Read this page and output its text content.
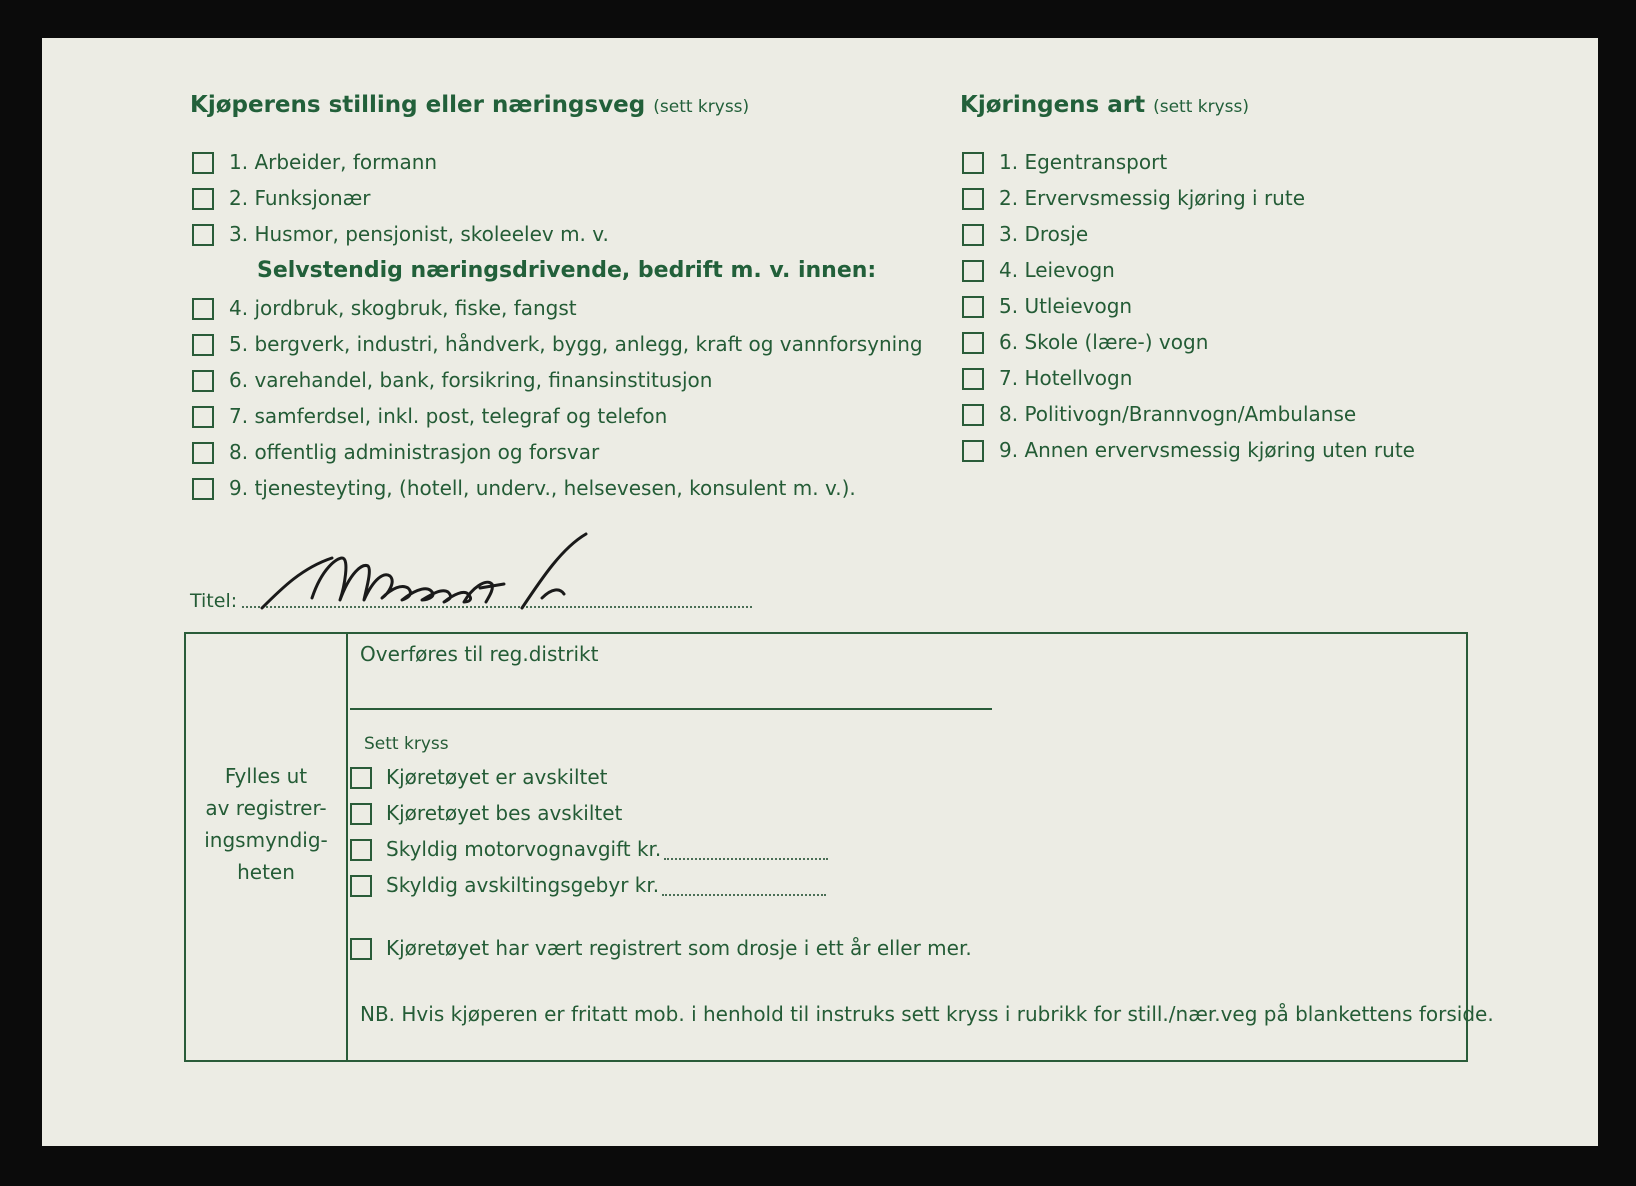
Kjøperens stilling eller næringsveg (sett kryss)
1. Arbeider, formann
2. Funksjonær
3. Husmor, pensjonist, skoleelev m. v.
Selvstendig næringsdrivende, bedrift m. v. innen:
4. jordbruk, skogbruk, fiske, fangst
5. bergverk, industri, håndverk, bygg, anlegg, kraft og vannforsyning
6. varehandel, bank, forsikring, finansinstitusjon
7. samferdsel, inkl. post, telegraf og telefon
8. offentlig administrasjon og forsvar
9. tjenesteyting, (hotell, underv., helsevesen, konsulent m. v.).
Kjøringens art (sett kryss)
1. Egentransport
2. Ervervsmessig kjøring i rute
3. Drosje
4. Leievogn
5. Utleievogn
6. Skole (lære-) vogn
7. Hotellvogn
8. Politivogn/Brannvogn/Ambulanse
9. Annen ervervsmessig kjøring uten rute
Titel:
Fylles ut
av registrer-
ingsmyndig-
heten
Overføres til reg.distrikt
Sett kryss
Kjøretøyet er avskiltet
Kjøretøyet bes avskiltet
Skyldig motorvognavgift kr.
Skyldig avskiltingsgebyr kr.
Kjøretøyet har vært registrert som drosje i ett år eller mer.
NB. Hvis kjøperen er fritatt mob. i henhold til instruks sett kryss i rubrikk for still./nær.veg på blankettens forside.
